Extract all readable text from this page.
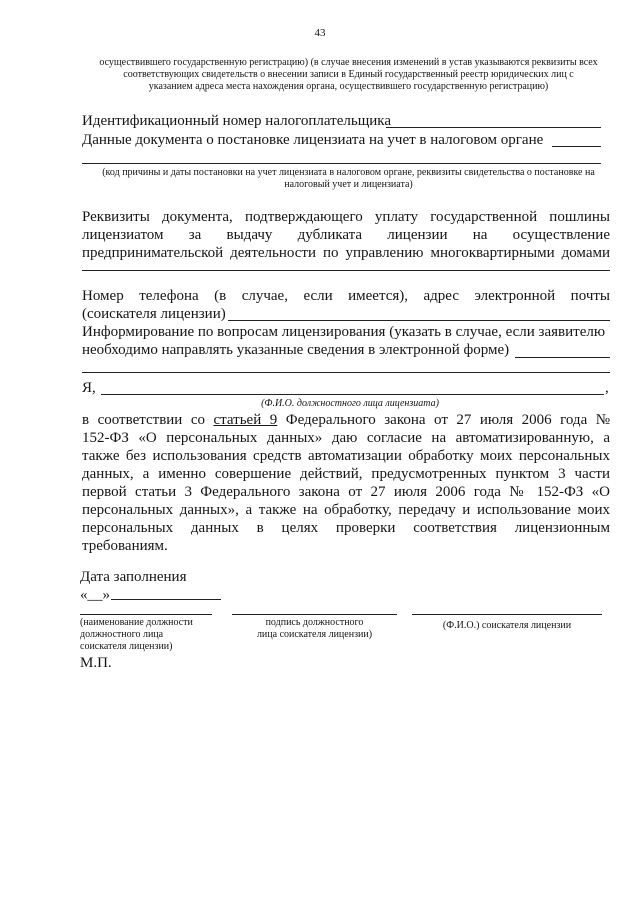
43
осуществившего государственную регистрацию) (в случае внесения изменений в устав указываются реквизиты всех
соответствующих свидетельств о внесении записи в Единый государственный реестр юридических лиц с
указанием адреса места нахождения органа, осуществившего государственную регистрацию)
Идентификационный номер налогоплательщика
Данные документа о постановке лицензиата на учет в налоговом органе
(код причины и даты постановки на учет лицензиата в налоговом органе, реквизиты свидетельства о постановке на
налоговый учет и лицензиата)
Реквизиты документа, подтверждающего уплату государственной пошлины
лицензиатом за выдачу дубликата лицензии на осуществление
предпринимательской деятельности по управлению многоквартирными домами
Номер телефона (в случае, если имеется), адрес электронной почты
(соискателя лицензии)
Информирование по вопросам лицензирования (указать в случае, если заявителю
необходимо направлять указанные сведения в электронной форме)
Я,	,
(Ф.И.О. должностного лица лицензиата)
в соответствии со статьей 9 Федерального закона от 27 июля 2006 года №
152-ФЗ «О персональных данных» даю согласие на автоматизированную, а
также без использования средств автоматизации обработку моих персональных
данных, а именно совершение действий, предусмотренных пунктом 3 части
первой статьи 3 Федерального закона от 27 июля 2006 года № 152-ФЗ «О
персональных данных», а также на обработку, передачу и использование моих
персональных данных в целях проверки соответствия лицензионным
требованиям.
Дата заполнения
«__»
(наименование должности
должностного лица
соискателя лицензии)
подпись должностного
лица соискателя лицензии)
(Ф.И.О.) соискателя лицензии
М.П.
